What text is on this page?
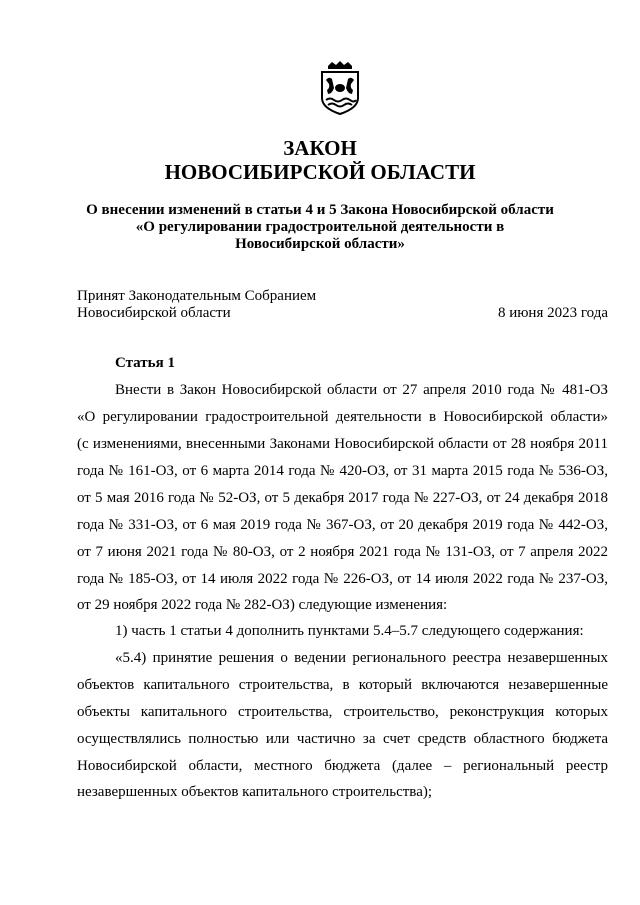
ЗАКОН
НОВОСИБИРСКОЙ ОБЛАСТИ
О внесении изменений в статьи 4 и 5 Закона Новосибирской области
«О регулировании градостроительной деятельности в
Новосибирской области»
Принят Законодательным Собранием
Новосибирской области	8 июня 2023 года
Статья 1
Внести в Закон Новосибирской области от 27 апреля 2010 года № 481-ОЗ
«О регулировании градостроительной деятельности в Новосибирской области»
(с изменениями, внесенными Законами Новосибирской области от 28 ноября 2011
года № 161-ОЗ, от 6 марта 2014 года № 420-ОЗ, от 31 марта 2015 года № 536-ОЗ,
от 5 мая 2016 года № 52-ОЗ, от 5 декабря 2017 года № 227-ОЗ, от 24 декабря 2018
года № 331-ОЗ, от 6 мая 2019 года № 367-ОЗ, от 20 декабря 2019 года № 442-ОЗ,
от 7 июня 2021 года № 80-ОЗ, от 2 ноября 2021 года № 131-ОЗ, от 7 апреля 2022
года № 185-ОЗ, от 14 июля 2022 года № 226-ОЗ, от 14 июля 2022 года № 237-ОЗ,
от 29 ноября 2022 года № 282-ОЗ) следующие изменения:
1) часть 1 статьи 4 дополнить пунктами 5.4–5.7 следующего содержания:
«5.4) принятие решения о ведении регионального реестра незавершенных
объектов капитального строительства, в который включаются незавершенные
объекты капитального строительства, строительство, реконструкция которых
осуществлялись полностью или частично за счет средств областного бюджета
Новосибирской области, местного бюджета (далее – региональный реестр
незавершенных объектов капитального строительства);
